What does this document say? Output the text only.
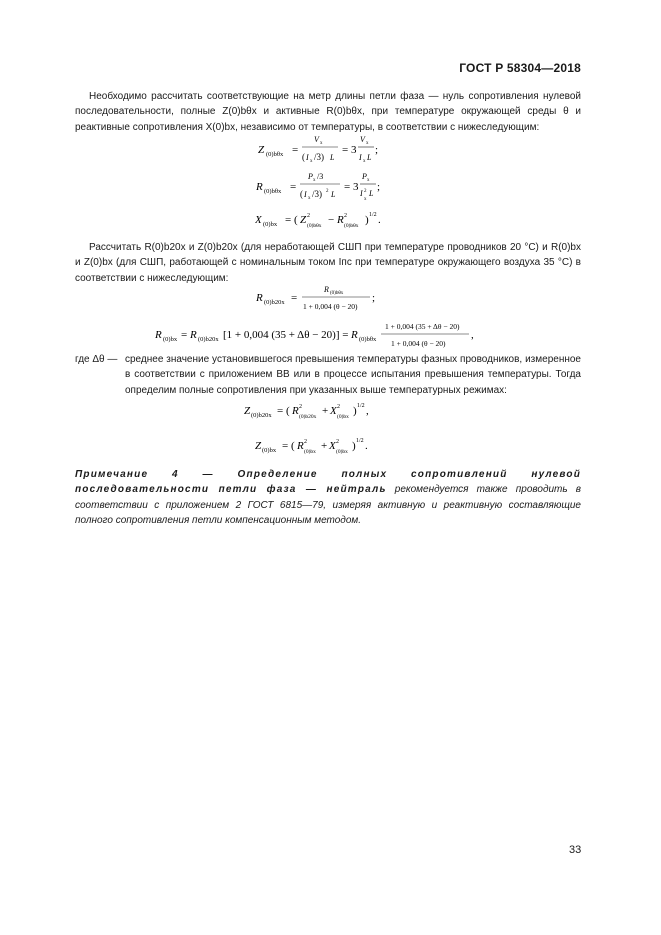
ГОСТ Р 58304—2018
Необходимо рассчитать соответствующие на метр длины петли фаза — нуль сопротивления нулевой последовательности, полные Z(0)bθx и активные R(0)bθx, при температуре окружающей среды θ и реактивные сопротивления X(0)bx, независимо от температуры, в соответствии с нижеследующим:
Z (0)bθx =
V x
( I x /3) L
= 3
V x
I x L
;
R (0)bθx =
P x /3
( I x /3) 2 L
= 3
P x
I 2
x
L
;
X (0)bx = ( Z 2
(0)bθx − R 2
(0)bθx ) 1/2 .
Рассчитать R(0)b20x и Z(0)b20x (для неработающей СШП при температуре проводников 20 °С) и R(0)bx и Z(0)bx (для СШП, работающей с номинальным током Iпс при температуре окружающего воздуха 35 °С) в соответствии с нижеследующим:
R (0)b20x =
R (0)bθx
1 + 0,004 (θ − 20)
;
R (0)bx = R (0)b20x [1 + 0,004 (35 + Δθ − 20)] = R (0)bθx
1 + 0,004 (35 + Δθ − 20)
1 + 0,004 (θ − 20)
,
где Δθ — среднее значение установившегося превышения температуры фазных проводников, измеренное в соответствии с приложением ВВ или в процессе испытания превышения температуры. Тогда определим полные сопротивления при указанных выше температурных режимах:
Z (0)b20x = ( R 2
(0)b20x + X 2
(0)bx ) 1/2 ,
Z (0)bx = ( R 2
(0)bx + X 2
(0)bx ) 1/2 .
Примечание 4 — Определение полных сопротивлений нулевой последовательности петли фаза — нейтраль рекомендуется также проводить в соответствии с приложением 2 ГОСТ 6815—79, измеряя активную и реактивную составляющие полного сопротивления петли компенсационным методом.
33
